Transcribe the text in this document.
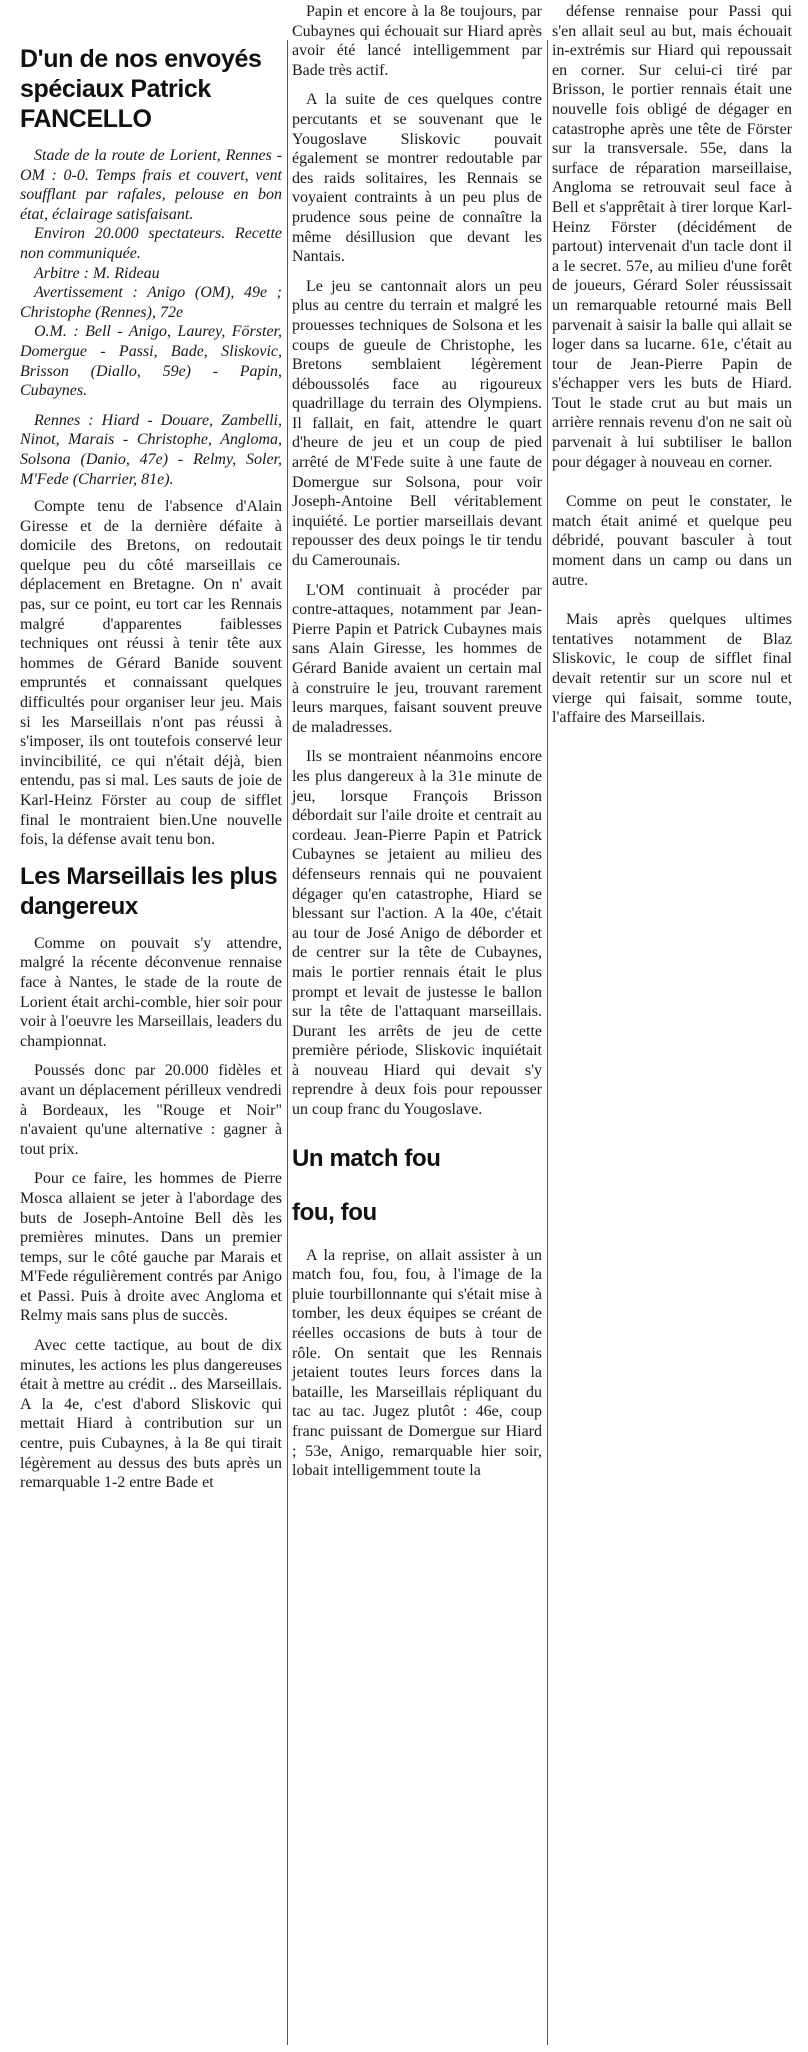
D'un de nos envoyés spéciaux Patrick FANCELLO

Stade de la route de Lorient, Rennes - OM : 0-0. Temps frais et couvert, vent soufflant par rafales, pelouse en bon état, éclairage satisfaisant.

Environ 20.000 spectateurs. Recette non communiquée.

Arbitre : M. Rideau

Avertissement : Anigo (OM), 49e ; Christophe (Rennes), 72e

O.M. : Bell - Anigo, Laurey, Förster, Domergue - Passi, Bade, Sliskovic, Brisson (Diallo, 59e) - Papin, Cubaynes.

Rennes : Hiard - Douare, Zambelli, Ninot, Marais - Christophe, Angloma, Solsona (Danio, 47e) - Relmy, Soler, M'Fede (Charrier, 81e).

Compte tenu de l'absence d'Alain Giresse et de la dernière défaite à domicile des Bretons, on redoutait quelque peu du côté marseillais ce déplacement en Bretagne. On n' avait pas, sur ce point, eu tort car les Rennais malgré d'apparentes faiblesses techniques ont réussi à tenir tête aux hommes de Gérard Banide souvent empruntés et connaissant quelques difficultés pour organiser leur jeu. Mais si les Marseillais n'ont pas réussi à s'imposer, ils ont toutefois conservé leur invincibilité, ce qui n'était déjà, bien entendu, pas si mal. Les sauts de joie de Karl-Heinz Förster au coup de sifflet final le montraient bien.Une nouvelle fois, la défense avait tenu bon.

Les Marseillais les plus dangereux

Comme on pouvait s'y attendre, malgré la récente déconvenue rennaise face à Nantes, le stade de la route de Lorient était archi-comble, hier soir pour voir à l'oeuvre les Marseillais, leaders du championnat.

Poussés donc par 20.000 fidèles et avant un déplacement périlleux vendredi à Bordeaux, les "Rouge et Noir" n'avaient qu'une alternative : gagner à tout prix.

Pour ce faire, les hommes de Pierre Mosca allaient se jeter à l'abordage des buts de Joseph-Antoine Bell dès les premières minutes. Dans un premier temps, sur le côté gauche par Marais et M'Fede régulièrement contrés par Anigo et Passi. Puis à droite avec Angloma et Relmy mais sans plus de succès.

Avec cette tactique, au bout de dix minutes, les actions les plus dangereuses était à mettre au crédit .. des Marseillais. A la 4e, c'est d'abord Sliskovic qui mettait Hiard à contribution sur un centre, puis Cubaynes, à la 8e qui tirait légèrement au dessus des buts après un remarquable 1-2 entre Bade et

Papin et encore à la 8e toujours, par Cubaynes qui échouait sur Hiard après avoir été lancé intelligemment par Bade très actif.

A la suite de ces quelques contre percutants et se souvenant que le Yougoslave Sliskovic pouvait également se montrer redoutable par des raids solitaires, les Rennais se voyaient contraints à un peu plus de prudence sous peine de connaître la même désillusion que devant les Nantais.

Le jeu se cantonnait alors un peu plus au centre du terrain et malgré les prouesses techniques de Solsona et les coups de gueule de Christophe, les Bretons semblaient légèrement déboussolés face au rigoureux quadrillage du terrain des Olympiens. Il fallait, en fait, attendre le quart d'heure de jeu et un coup de pied arrêté de M'Fede suite à une faute de Domergue sur Solsona, pour voir Joseph-Antoine Bell véritablement inquiété. Le portier marseillais devant repousser des deux poings le tir tendu du Camerounais.

L'OM continuait à procéder par contre-attaques, notamment par Jean-Pierre Papin et Patrick Cubaynes mais sans Alain Giresse, les hommes de Gérard Banide avaient un certain mal à construire le jeu, trouvant rarement leurs marques, faisant souvent preuve de maladresses.

Ils se montraient néanmoins encore les plus dangereux à la 31e minute de jeu, lorsque François Brisson débordait sur l'aile droite et centrait au cordeau. Jean-Pierre Papin et Patrick Cubaynes se jetaient au milieu des défenseurs rennais qui ne pouvaient dégager qu'en catastrophe, Hiard se blessant sur l'action. A la 40e, c'était au tour de José Anigo de déborder et de centrer sur la tête de Cubaynes, mais le portier rennais était le plus prompt et levait de justesse le ballon sur la tête de l'attaquant marseillais. Durant les arrêts de jeu de cette première période, Sliskovic inquiétait à nouveau Hiard qui devait s'y reprendre à deux fois pour repousser un coup franc du Yougoslave.

Un match fou
fou, fou

A la reprise, on allait assister à un match fou, fou, fou, à l'image de la pluie tourbillonnante qui s'était mise à tomber, les deux équipes se créant de réelles occasions de buts à tour de rôle. On sentait que les Rennais jetaient toutes leurs forces dans la bataille, les Marseillais répliquant du tac au tac. Jugez plutôt : 46e, coup franc puissant de Domergue sur Hiard ; 53e, Anigo, remarquable hier soir, lobait intelligemment toute la

défense rennaise pour Passi qui s'en allait seul au but, mais échouait in-extrémis sur Hiard qui repoussait en corner. Sur celui-ci tiré par Brisson, le portier rennais était une nouvelle fois obligé de dégager en catastrophe après une tête de Förster sur la transversale. 55e, dans la surface de réparation marseillaise, Angloma se retrouvait seul face à Bell et s'apprêtait à tirer lorque Karl-Heinz Förster (décidément de partout) intervenait d'un tacle dont il a le secret. 57e, au milieu d'une forêt de joueurs, Gérard Soler réussissait un remarquable retourné mais Bell parvenait à saisir la balle qui allait se loger dans sa lucarne. 61e, c'était au tour de Jean-Pierre Papin de s'échapper vers les buts de Hiard. Tout le stade crut au but mais un arrière rennais revenu d'on ne sait où parvenait à lui subtiliser le ballon pour dégager à nouveau en corner.

Comme on peut le constater, le match était animé et quelque peu débridé, pouvant basculer à tout moment dans un camp ou dans un autre.

Mais après quelques ultimes tentatives notamment de Blaz Sliskovic, le coup de sifflet final devait retentir sur un score nul et vierge qui faisait, somme toute, l'affaire des Marseillais.
